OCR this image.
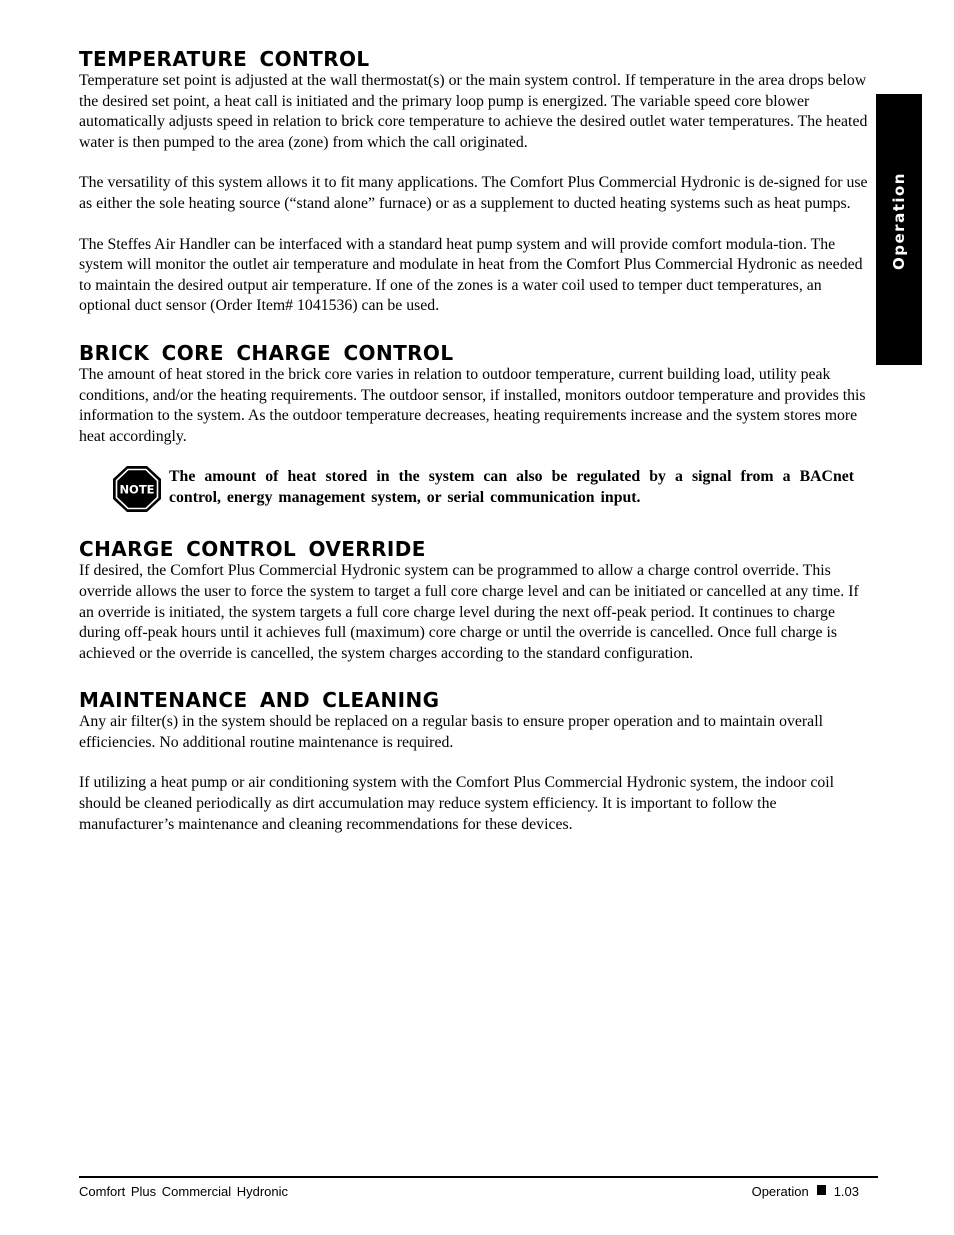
Operation
TEMPERATURE CONTROL

Temperature set point is adjusted at the wall thermostat(s) or the main system control. If temperature in the area drops below the desired set point, a heat call is initiated and the primary loop pump is energized. The variable speed core blower automatically adjusts speed in relation to brick core temperature to achieve the desired outlet water temperatures. The heated water is then pumped to the area (zone) from which the call originated.

The versatility of this system allows it to fit many applications. The Comfort Plus Commercial Hydronic is de-signed for use as either the sole heating source (“stand alone” furnace) or as a supplement to ducted heating systems such as heat pumps.

The Steffes Air Handler can be interfaced with a standard heat pump system and will provide comfort modula-tion. The system will monitor the outlet air temperature and modulate in heat from the Comfort Plus Commercial Hydronic as needed to maintain the desired output air temperature. If one of the zones is a water coil used to temper duct temperatures, an optional duct sensor (Order Item# 1041536) can be used.

BRICK CORE CHARGE CONTROL

The amount of heat stored in the brick core varies in relation to outdoor temperature, current building load, utility peak conditions, and/or the heating requirements. The outdoor sensor, if installed, monitors outdoor temperature and provides this information to the system. As the outdoor temperature decreases, heating requirements increase and the system stores more heat accordingly.

NOTE
The amount of heat stored in the system can also be regulated by a signal from a BACnet control, energy management system, or serial communication input.
CHARGE CONTROL OVERRIDE

If desired, the Comfort Plus Commercial Hydronic system can be programmed to allow a charge control override. This override allows the user to force the system to target a full core charge level and can be initiated or cancelled at any time. If an override is initiated, the system targets a full core charge level during the next off-peak period. It continues to charge during off-peak hours until it achieves full (maximum) core charge or until the override is cancelled. Once full charge is achieved or the override is cancelled, the system charges according to the standard configuration.

MAINTENANCE AND CLEANING

Any air filter(s) in the system should be replaced on a regular basis to ensure proper operation and to maintain overall efficiencies. No additional routine maintenance is required.

If utilizing a heat pump or air conditioning system with the Comfort Plus Commercial Hydronic system, the indoor coil should be cleaned periodically as dirt accumulation may reduce system efficiency. It is important to follow the manufacturer’s maintenance and cleaning recommendations for these devices.

Comfort Plus Commercial Hydronic	Operation 1.03
